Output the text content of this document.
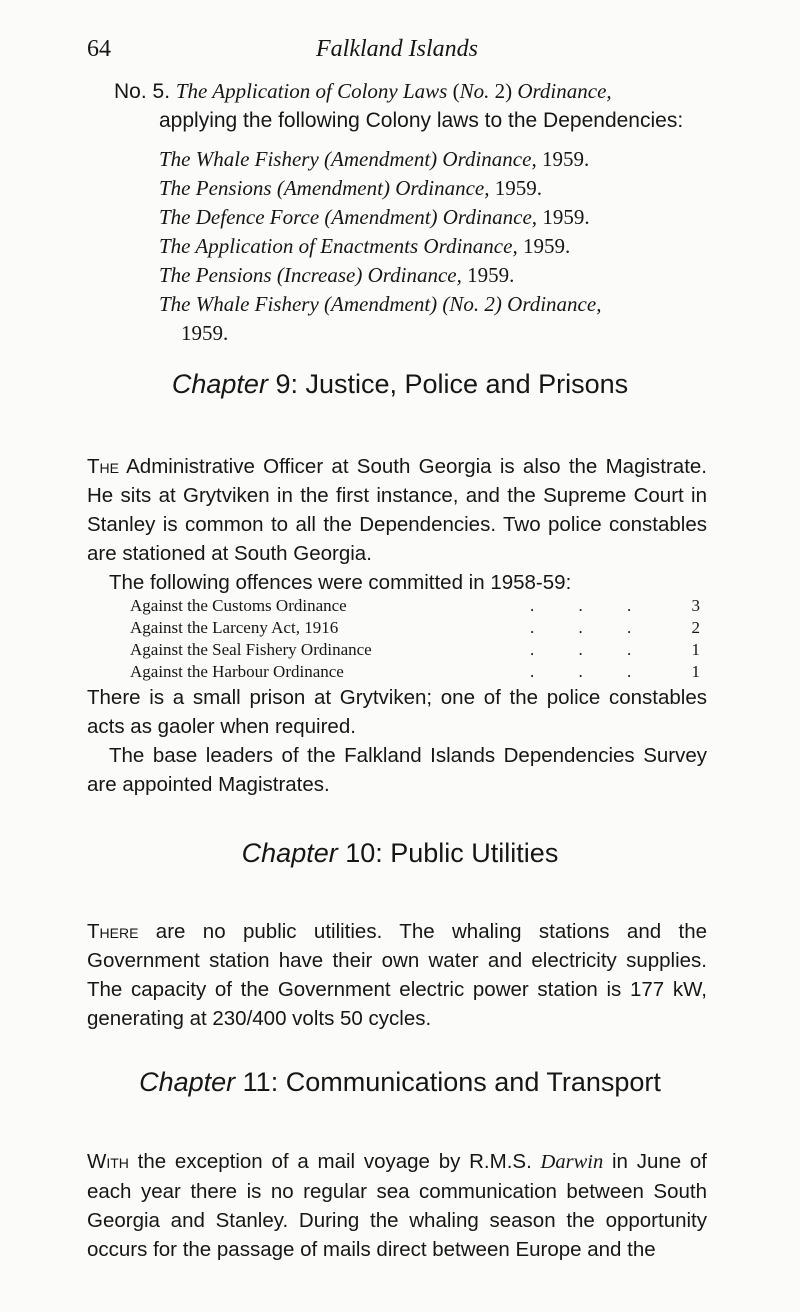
64	Falkland Islands
No. 5. The Application of Colony Laws (No. 2) Ordinance,
applying the following Colony laws to the Dependencies:
The Whale Fishery (Amendment) Ordinance, 1959.
The Pensions (Amendment) Ordinance, 1959.
The Defence Force (Amendment) Ordinance, 1959.
The Application of Enactments Ordinance, 1959.
The Pensions (Increase) Ordinance, 1959.
The Whale Fishery (Amendment) (No. 2) Ordinance,
1959.
Chapter 9: Justice, Police and Prisons
The Administrative Officer at South Georgia is also the Magistrate. He sits at Grytviken in the first instance, and the Supreme Court in Stanley is common to all the Dependencies. Two police constables are stationed at South Georgia.
The following offences were committed in 1958-59:
Against the Customs Ordinance	. . .	3
Against the Larceny Act, 1916	. . .	2
Against the Seal Fishery Ordinance	. . .	1
Against the Harbour Ordinance	. . .	1
There is a small prison at Grytviken; one of the police constables acts as gaoler when required.
The base leaders of the Falkland Islands Dependencies Survey are appointed Magistrates.
Chapter 10: Public Utilities
There are no public utilities. The whaling stations and the Government station have their own water and electricity supplies. The capacity of the Government electric power station is 177 kW, generating at 230/400 volts 50 cycles.
Chapter 11: Communications and Transport
With the exception of a mail voyage by R.M.S. Darwin in June of each year there is no regular sea communication between South Georgia and Stanley. During the whaling season the opportunity occurs for the passage of mails direct between Europe and the
